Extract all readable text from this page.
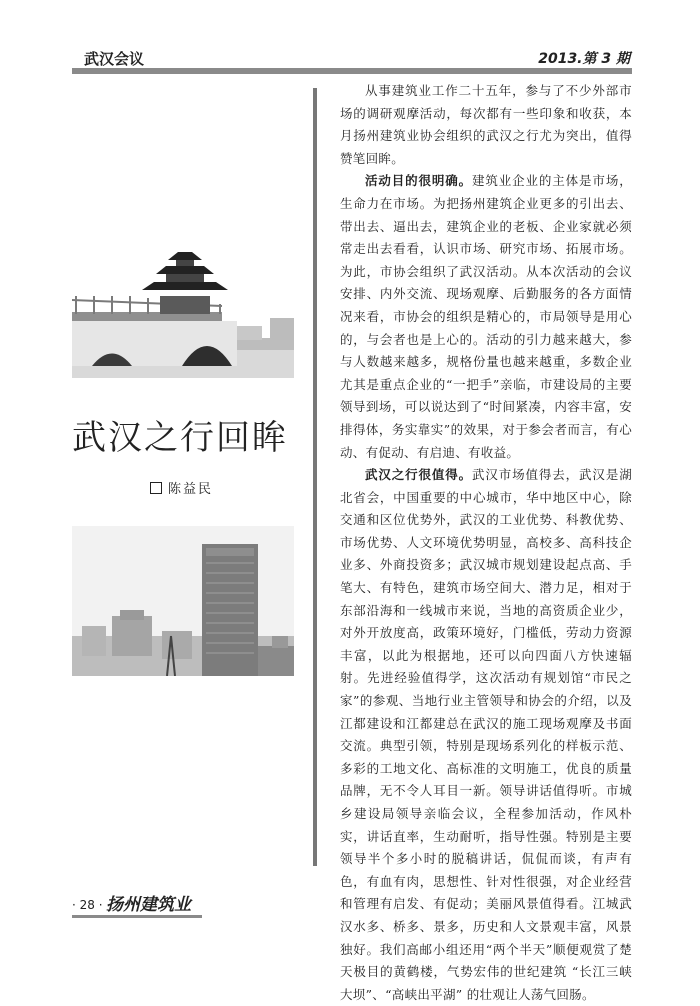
武汉会议	2013.第 3 期
武汉之行回眸
陈益民

从事建筑业工作二十五年，参与了不少外部市场的调研观摩活动，每次都有一些印象和收获，本月扬州建筑业协会组织的武汉之行尤为突出，值得赞笔回眸。

活动目的很明确。建筑业企业的主体是市场，生命力在市场。为把扬州建筑企业更多的引出去、带出去、逼出去，建筑企业的老板、企业家就必须常走出去看看，认识市场、研究市场、拓展市场。为此，市协会组织了武汉活动。从本次活动的会议安排、内外交流、现场观摩、后勤服务的各方面情况来看，市协会的组织是精心的，市局领导是用心的，与会者也是上心的。活动的引力越来越大，参与人数越来越多，规格份量也越来越重，多数企业尤其是重点企业的“一把手”亲临，市建设局的主要领导到场，可以说达到了“时间紧凑，内容丰富，安排得体，务实靠实”的效果，对于参会者而言，有心动、有促动、有启迪、有收益。

武汉之行很值得。武汉市场值得去，武汉是湖北省会，中国重要的中心城市，华中地区中心，除交通和区位优势外，武汉的工业优势、科教优势、市场优势、人文环境优势明显，高校多、高科技企业多、外商投资多；武汉城市规划建设起点高、手笔大、有特色，建筑市场空间大、潜力足，相对于东部沿海和一线城市来说，当地的高资质企业少，对外开放度高，政策环境好，门槛低，劳动力资源丰富，以此为根据地，还可以向四面八方快速辐射。先进经验值得学，这次活动有规划馆“市民之家”的参观、当地行业主管领导和协会的介绍，以及江都建设和江都建总在武汉的施工现场观摩及书面交流。典型引领，特别是现场系列化的样板示范、多彩的工地文化、高标准的文明施工，优良的质量品牌，无不令人耳目一新。领导讲话值得听。市城乡建设局领导亲临会议，全程参加活动，作风朴实，讲话直率，生动耐听，指导性强。特别是主要领导半个多小时的脱稿讲话，侃侃而谈，有声有色，有血有肉，思想性、针对性很强，对企业经营和管理有启发、有促动；美丽风景值得看。江城武汉水多、桥多、景多，历史和人文景观丰富，风景独好。我们高邮小组还用“两个半天”顺便观赏了楚天极目的黄鹤楼，气势宏伟的世纪建筑 “长江三峡大坝”、“高峡出平湖” 的壮观让人荡气回肠。

· 28 · 扬州建筑业
